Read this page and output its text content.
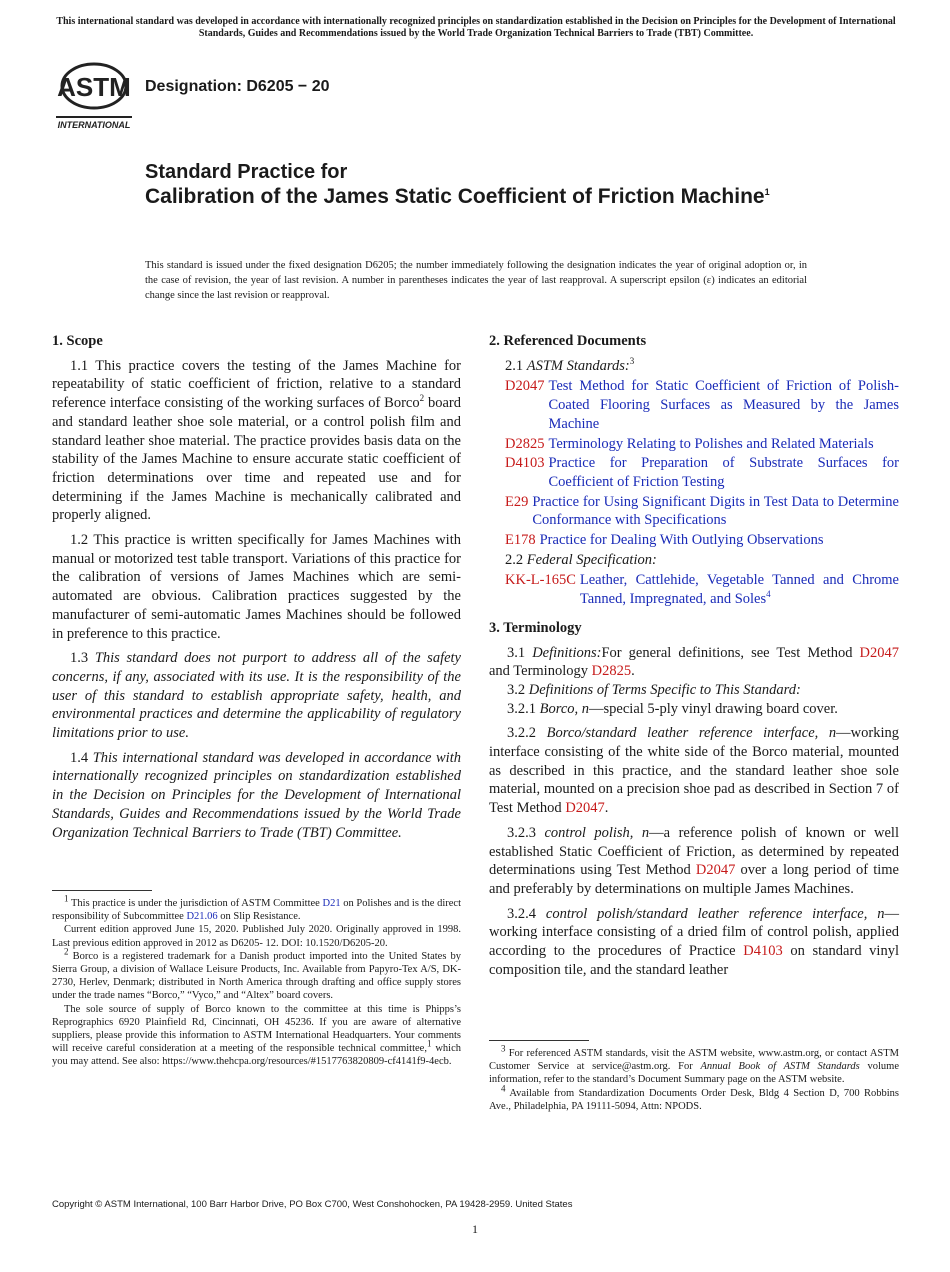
This international standard was developed in accordance with internationally recognized principles on standardization established in the Decision on Principles for the Development of International Standards, Guides and Recommendations issued by the World Trade Organization Technical Barriers to Trade (TBT) Committee.
ASTM
INTERNATIONAL
Designation: D6205 − 20
Standard Practice for
Calibration of the James Static Coefficient of Friction Machine$^1$
This standard is issued under the fixed designation D6205; the number immediately following the designation indicates the year of original adoption or, in the case of revision, the year of last revision. A number in parentheses indicates the year of last reapproval. A superscript epsilon (ε) indicates an editorial change since the last revision or reapproval.
1. Scope

1.1 This practice covers the testing of the James Machine for repeatability of static coefficient of friction, relative to a standard reference interface consisting of the working surfaces of Borco$^2$ board and standard leather shoe sole material, or a control polish film and standard leather shoe material. The practice provides basis data on the stability of the James Machine to ensure accurate static coefficient of friction determinations over time and repeated use and for determining if the James Machine is mechanically calibrated and properly aligned.

1.2 This practice is written specifically for James Machines with manual or motorized test table transport. Variations of this practice for the calibration of versions of James Machines which are semi-automated are obvious. Calibration practices suggested by the manufacturer of semi-automatic James Machines should be followed in preference to this practice.

1.3 This standard does not purport to address all of the safety concerns, if any, associated with its use. It is the responsibility of the user of this standard to establish appropriate safety, health, and environmental practices and determine the applicability of regulatory limitations prior to use.

1.4 This international standard was developed in accordance with internationally recognized principles on standardization established in the Decision on Principles for the Development of International Standards, Guides and Recommendations issued by the World Trade Organization Technical Barriers to Trade (TBT) Committee.

2. Referenced Documents
2.1 ASTM Standards:$^3$
D2047 Test Method for Static Coefficient of Friction of Polish-Coated Flooring Surfaces as Measured by the James Machine
D2825 Terminology Relating to Polishes and Related Materials
D4103 Practice for Preparation of Substrate Surfaces for Coefficient of Friction Testing
E29 Practice for Using Significant Digits in Test Data to Determine Conformance with Specifications
E178 Practice for Dealing With Outlying Observations
2.2 Federal Specification:
KK-L-165C Leather, Cattlehide, Vegetable Tanned and Chrome Tanned, Impregnated, and Soles$^4$
3. Terminology

3.1 Definitions:For general definitions, see Test Method D2047 and Terminology D2825.

3.2 Definitions of Terms Specific to This Standard:

3.2.1 Borco, n—special 5-ply vinyl drawing board cover.

3.2.2 Borco/standard leather reference interface, n—working interface consisting of the white side of the Borco material, mounted as described in this practice, and the standard leather shoe sole material, mounted on a precision shoe pad as described in Section 7 of Test Method D2047.

3.2.3 control polish, n—a reference polish of known or well established Static Coefficient of Friction, as determined by repeated determinations using Test Method D2047 over a long period of time and preferably by determinations on multiple James Machines.

3.2.4 control polish/standard leather reference interface, n—working interface consisting of a dried film of control polish, applied according to the procedures of Practice D4103 on standard vinyl composition tile, and the standard leather

$^1$ This practice is under the jurisdiction of ASTM Committee D21 on Polishes and is the direct responsibility of Subcommittee D21.06 on Slip Resistance.

Current edition approved June 15, 2020. Published July 2020. Originally approved in 1998. Last previous edition approved in 2012 as D6205- 12. DOI: 10.1520/D6205-20.

$^2$ Borco is a registered trademark for a Danish product imported into the United States by Sierra Group, a division of Wallace Leisure Products, Inc. Available from Papyro-Tex A/S, DK-2730, Herlev, Denmark; distributed in North America through drafting and office supply stores under the trade names “Borco,” “Vyco,” and “Altex” board covers.

The sole source of supply of Borco known to the committee at this time is Phipps’s Reprographics 6920 Plainfield Rd, Cincinnati, OH 45236. If you are aware of alternative suppliers, please provide this information to ASTM International Headquarters. Your comments will receive careful consideration at a meeting of the responsible technical committee,$^1$ which you may attend. See also: https://www.thehcpa.org/resources/#1517763820809-cf4141f9-4ecb.

$^3$ For referenced ASTM standards, visit the ASTM website, www.astm.org, or contact ASTM Customer Service at service@astm.org. For Annual Book of ASTM Standards volume information, refer to the standard’s Document Summary page on the ASTM website.

$^4$ Available from Standardization Documents Order Desk, Bldg 4 Section D, 700 Robbins Ave., Philadelphia, PA 19111-5094, Attn: NPODS.

Copyright © ASTM International, 100 Barr Harbor Drive, PO Box C700, West Conshohocken, PA 19428-2959. United States
1
